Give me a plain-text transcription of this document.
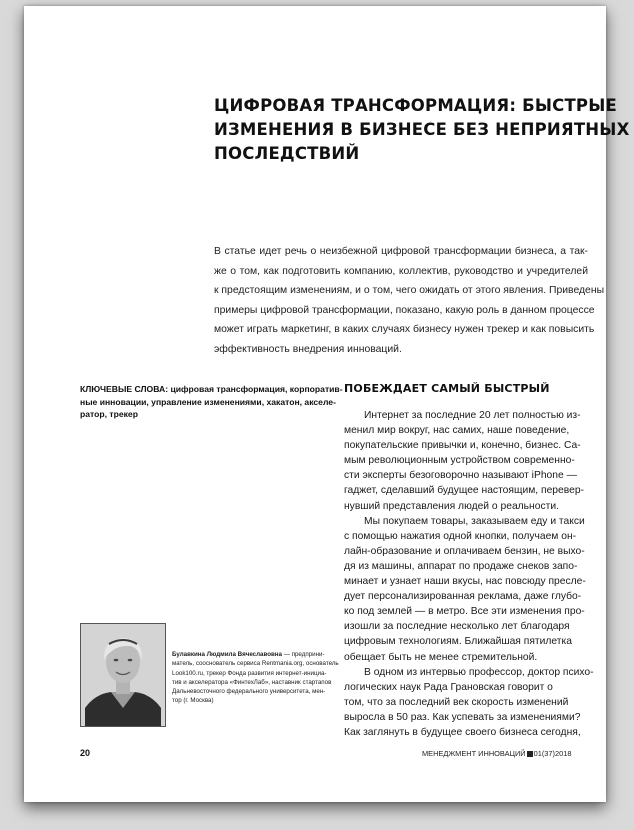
ЦИФРОВАЯ ТРАНСФОРМАЦИЯ: БЫСТРЫЕ
ИЗМЕНЕНИЯ В БИЗНЕСЕ БЕЗ НЕПРИЯТНЫХ
ПОСЛЕДСТВИЙ
В статье идет речь о неизбежной цифровой трансформации бизнеса, а так-
же о том, как подготовить компанию, коллектив, руководство и учредителей
к предстоящим изменениям, и о том, чего ожидать от этого явления. Приведены
примеры цифровой трансформации, показано, какую роль в данном процессе
может играть маркетинг, в каких случаях бизнесу нужен трекер и как повысить
эффективность внедрения инноваций.
КЛЮЧЕВЫЕ СЛОВА: цифровая трансформация, корпоратив-
ные инновации, управление изменениями, хакатон, акселе-
ратор, трекер
ПОБЕЖДАЕТ САМЫЙ БЫСТРЫЙ
Интернет за последние 20 лет полностью из-
менил мир вокруг, нас самих, наше поведение,
покупательские привычки и, конечно, бизнес. Са-
мым революционным устройством современно-
сти эксперты безоговорочно называют iPhone —
гаджет, сделавший будущее настоящим, перевер-
нувший представления людей о реальности.
Мы покупаем товары, заказываем еду и такси
с помощью нажатия одной кнопки, получаем он-
лайн-образование и оплачиваем бензин, не выхо-
дя из машины, аппарат по продаже снеков запо-
минает и узнает наши вкусы, нас повсюду пресле-
дует персонализированная реклама, даже глубо-
ко под землей — в метро. Все эти изменения про-
изошли за последние несколько лет благодаря
цифровым технологиям. Ближайшая пятилетка
обещает быть не менее стремительной.
В одном из интервью профессор, доктор психо-
логических наук Рада Грановская говорит о
том, что за последний век скорость изменений
выросла в 50 раз. Как успевать за изменениями?
Как заглянуть в будущее своего бизнеса сегодня,
Булавкина Людмила Вячеславовна — предприни-
матель, сооснователь сервиса Rentmania.org, основатель
Look100.ru, трекер Фонда развития интернет-инициа-
тив и акселератора «ФинтехЛаб», наставник стартапов
Дальневосточного федерального университета, мен-
тор (г. Москва)
20	МЕНЕДЖМЕНТ ИННОВАЦИЙ 01(37)2018
